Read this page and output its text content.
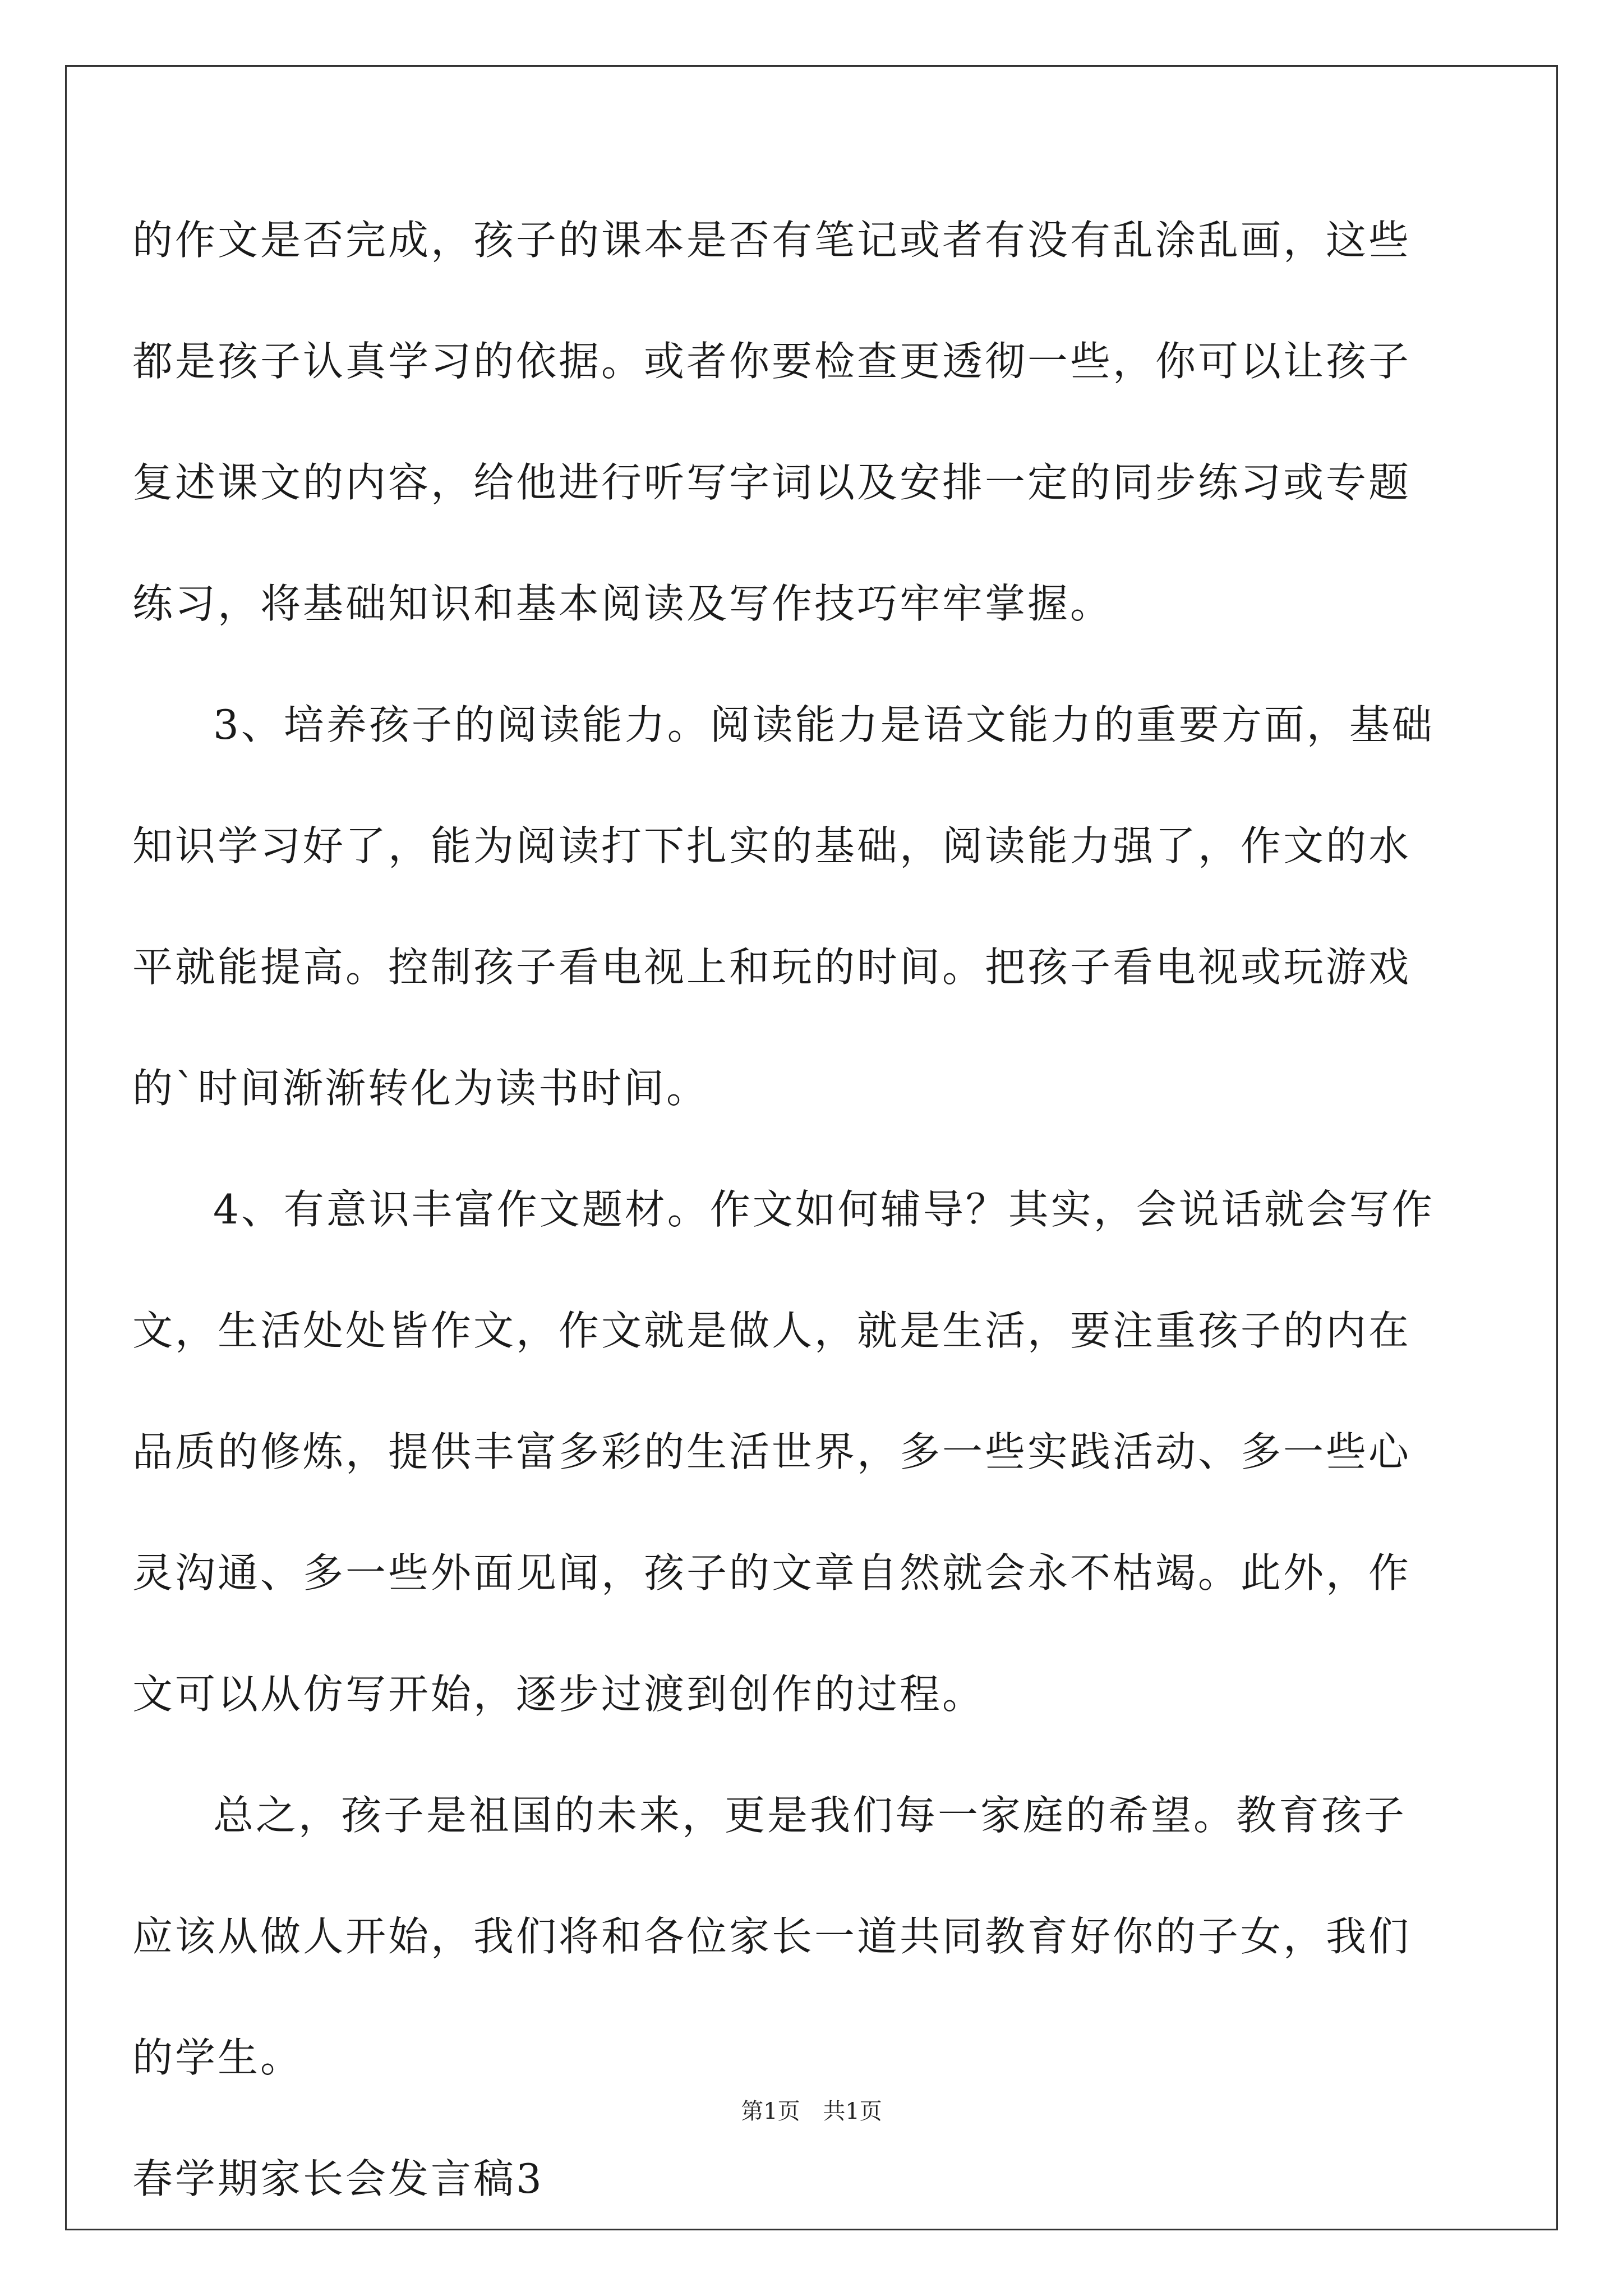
的作文是否完成，孩子的课本是否有笔记或者有没有乱涂乱画，这些
都是孩子认真学习的依据。或者你要检查更透彻一些，你可以让孩子
复述课文的内容，给他进行听写字词以及安排一定的同步练习或专题
练习，将基础知识和基本阅读及写作技巧牢牢掌握。
3、培养孩子的阅读能力。阅读能力是语文能力的重要方面，基础
知识学习好了，能为阅读打下扎实的基础，阅读能力强了，作文的水
平就能提高。控制孩子看电视上和玩的时间。把孩子看电视或玩游戏
的`时间渐渐转化为读书时间。
4、有意识丰富作文题材。作文如何辅导？其实，会说话就会写作
文，生活处处皆作文，作文就是做人，就是生活，要注重孩子的内在
品质的修炼，提供丰富多彩的生活世界，多一些实践活动、多一些心
灵沟通、多一些外面见闻，孩子的文章自然就会永不枯竭。此外，作
文可以从仿写开始，逐步过渡到创作的过程。
总之，孩子是祖国的未来，更是我们每一家庭的希望。教育孩子
应该从做人开始，我们将和各位家长一道共同教育好你的子女，我们
的学生。
春学期家长会发言稿3
第1页 共1页
